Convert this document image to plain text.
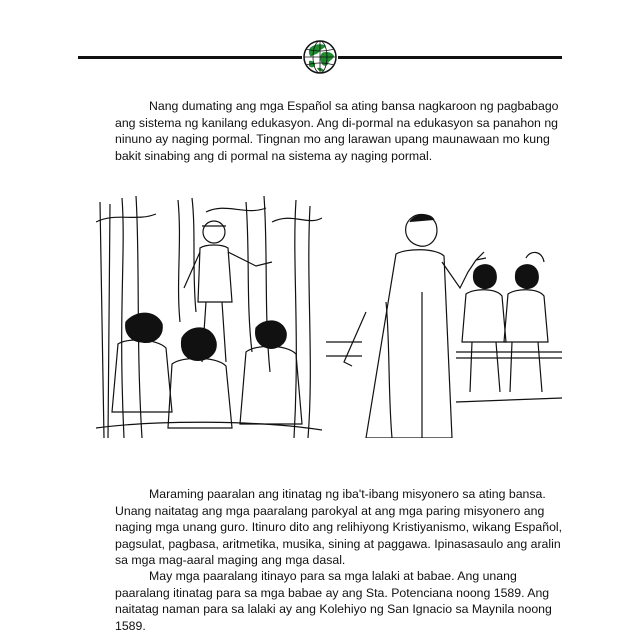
Nang dumating ang mga Español sa ating bansa nagkaroon ng pagbabago ang sistema ng kanilang edukasyon. Ang di-pormal na edukasyon sa panahon ng ninuno ay naging pormal. Tingnan mo ang larawan upang maunawaan mo kung bakit sinabing ang di pormal na sistema ay naging pormal.

Maraming paaralan ang itinatag ng iba't-ibang misyonero sa ating bansa. Unang naitatag ang mga paaralang parokyal at ang mga paring misyonero ang naging mga unang guro. Itinuro dito ang relihiyong Kristiyanismo, wikang Español, pagsulat, pagbasa, aritmetika, musika, sining at paggawa. Ipinasasaulo ang aralin sa mga mag-aaral maging ang mga dasal.

May mga paaralang itinayo para sa mga lalaki at babae. Ang unang paaralang itinatag para sa mga babae ay ang Sta. Potenciana noong 1589. Ang naitatag naman para sa lalaki ay ang Kolehiyo ng San Ignacio sa Maynila noong 1589.
